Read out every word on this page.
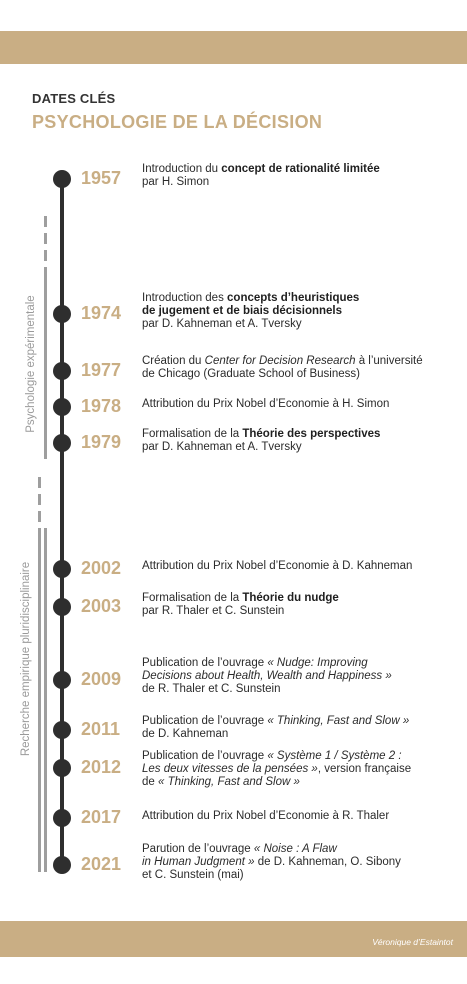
DATES CLÉS
PSYCHOLOGIE DE LA DÉCISION
Psychologie expérimentale
Recherche empirique pluridisciplinaire
1957 Introduction du concept de rationalité limitée
par H. Simon
1974
Introduction des concepts d’heuristiques
de jugement et de biais décisionnels
par D. Kahneman et A. Tversky
1977 Création du Center for Decision Research à l’université
de Chicago (Graduate School of Business)
1978 Attribution du Prix Nobel d’Economie à H. Simon
1979 Formalisation de la Théorie des perspectives
par D. Kahneman et A. Tversky
2002 Attribution du Prix Nobel d’Economie à D. Kahneman
2003 Formalisation de la Théorie du nudge
par R. Thaler et C. Sunstein
2009
Publication de l’ouvrage « Nudge: Improving
Decisions about Health, Wealth and Happiness »
de R. Thaler et C. Sunstein
2011 Publication de l’ouvrage « Thinking, Fast and Slow »
de D. Kahneman
2012
Publication de l’ouvrage « Système 1 / Système 2 :
Les deux vitesses de la pensées », version française
de « Thinking, Fast and Slow »
2017 Attribution du Prix Nobel d’Economie à R. Thaler
2021
Parution de l’ouvrage « Noise : A Flaw
in Human Judgment » de D. Kahneman, O. Sibony
et C. Sunstein (mai)
Véronique d’Estaintot
